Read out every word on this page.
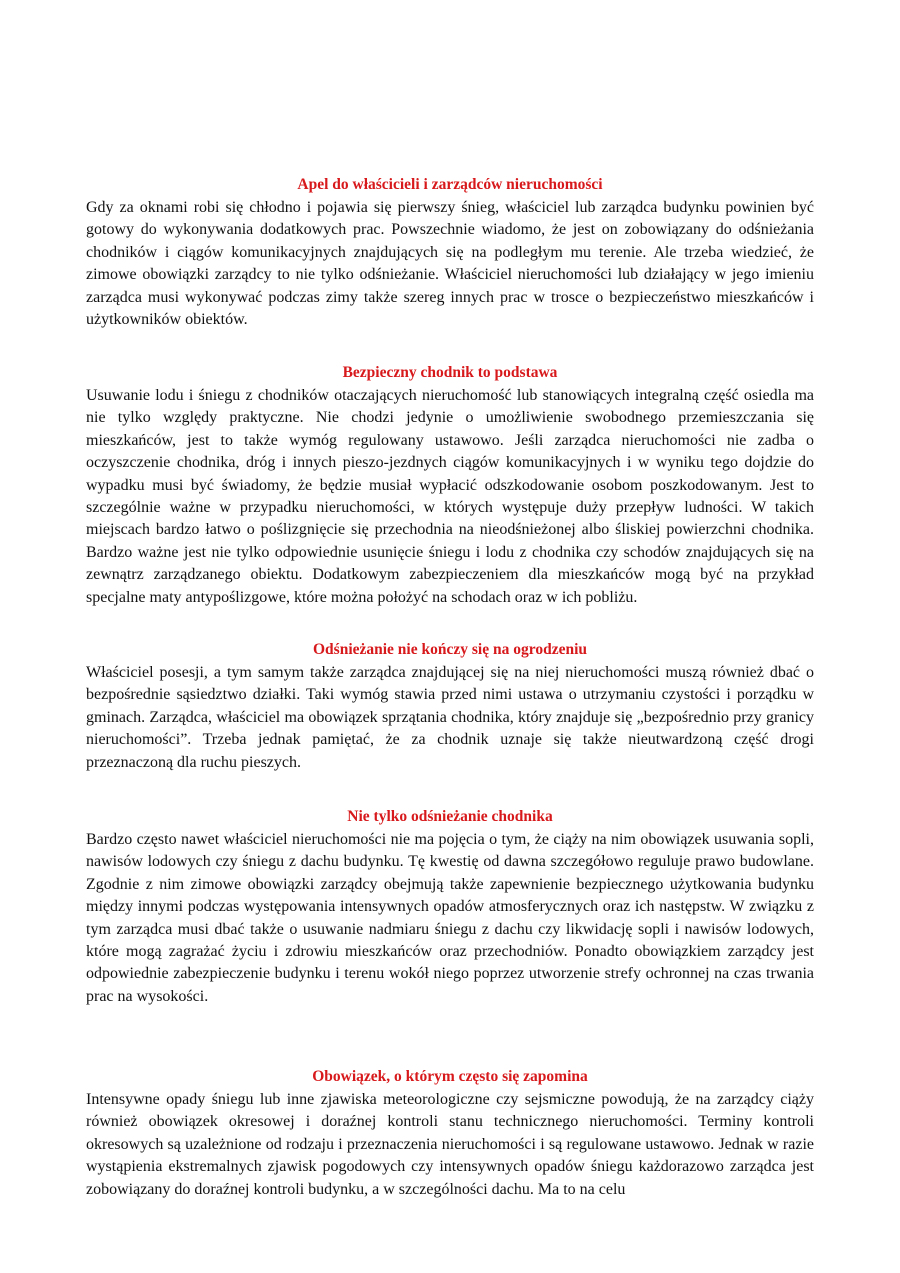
Apel do właścicieli i zarządców nieruchomości

Gdy za oknami robi się chłodno i pojawia się pierwszy śnieg, właściciel lub zarządca budynku powinien być gotowy do wykonywania dodatkowych prac. Powszechnie wiadomo, że jest on zobowiązany do odśnieżania chodników i ciągów komunikacyjnych znajdujących się na podległym mu terenie. Ale trzeba wiedzieć, że zimowe obowiązki zarządcy to nie tylko odśnieżanie. Właściciel nieruchomości lub działający w jego imieniu zarządca musi wykonywać podczas zimy także szereg innych prac w trosce o bezpieczeństwo mieszkańców i użytkowników obiektów.

Bezpieczny chodnik to podstawa

Usuwanie lodu i śniegu z chodników otaczających nieruchomość lub stanowiących integralną część osiedla ma nie tylko względy praktyczne. Nie chodzi jedynie o umożliwienie swobodnego przemieszczania się mieszkańców, jest to także wymóg regulowany ustawowo. Jeśli zarządca nieruchomości nie zadba o oczyszczenie chodnika, dróg i innych pieszo-jezdnych ciągów komunikacyjnych i w wyniku tego dojdzie do wypadku musi być świadomy, że będzie musiał wypłacić odszkodowanie osobom poszkodowanym. Jest to szczególnie ważne w przypadku nieruchomości, w których występuje duży przepływ ludności. W takich miejscach bardzo łatwo o poślizgnięcie się przechodnia na nieodśnieżonej albo śliskiej powierzchni chodnika. Bardzo ważne jest nie tylko odpowiednie usunięcie śniegu i lodu z chodnika czy schodów znajdujących się na zewnątrz zarządzanego obiektu. Dodatkowym zabezpieczeniem dla mieszkańców mogą być na przykład specjalne maty antypoślizgowe, które można położyć na schodach oraz w ich pobliżu.

Odśnieżanie nie kończy się na ogrodzeniu

Właściciel posesji, a tym samym także zarządca znajdującej się na niej nieruchomości muszą również dbać o bezpośrednie sąsiedztwo działki. Taki wymóg stawia przed nimi ustawa o utrzymaniu czystości i porządku w gminach. Zarządca, właściciel ma obowiązek sprzątania chodnika, który znajduje się „bezpośrednio przy granicy nieruchomości”. Trzeba jednak pamiętać, że za chodnik uznaje się także nieutwardzoną część drogi przeznaczoną dla ruchu pieszych.

Nie tylko odśnieżanie chodnika

Bardzo często nawet właściciel nieruchomości nie ma pojęcia o tym, że ciąży na nim obowiązek usuwania sopli, nawisów lodowych czy śniegu z dachu budynku. Tę kwestię od dawna szczegółowo reguluje prawo budowlane. Zgodnie z nim zimowe obowiązki zarządcy obejmują także zapewnienie bezpiecznego użytkowania budynku między innymi podczas występowania intensywnych opadów atmosferycznych oraz ich następstw. W związku z tym zarządca musi dbać także o usuwanie nadmiaru śniegu z dachu czy likwidację sopli i nawisów lodowych, które mogą zagrażać życiu i zdrowiu mieszkańców oraz przechodniów. Ponadto obowiązkiem zarządcy jest odpowiednie zabezpieczenie budynku i terenu wokół niego poprzez utworzenie strefy ochronnej na czas trwania prac na wysokości.

Obowiązek, o którym często się zapomina

Intensywne opady śniegu lub inne zjawiska meteorologiczne czy sejsmiczne powodują, że na zarządcy ciąży również obowiązek okresowej i doraźnej kontroli stanu technicznego nieruchomości. Terminy kontroli okresowych są uzależnione od rodzaju i przeznaczenia nieruchomości i są regulowane ustawowo. Jednak w razie wystąpienia ekstremalnych zjawisk pogodowych czy intensywnych opadów śniegu każdorazowo zarządca jest zobowiązany do doraźnej kontroli budynku, a w szczególności dachu. Ma to na celu
